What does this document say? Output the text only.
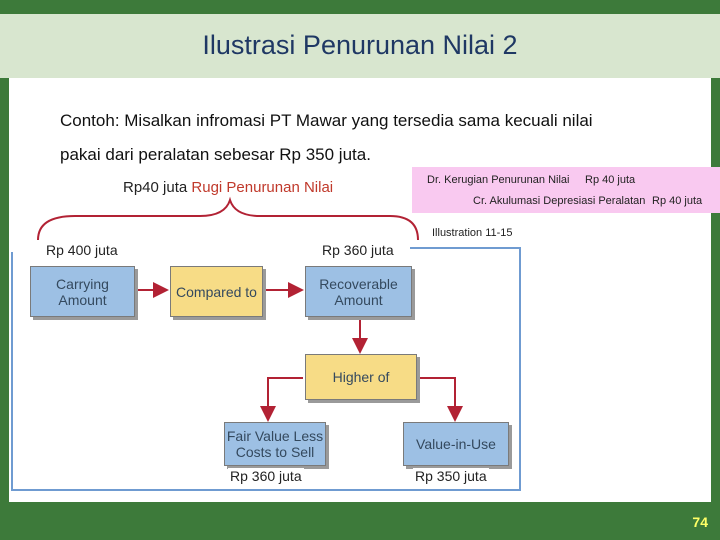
Ilustrasi Penurunan Nilai 2
74
Contoh: Misalkan infromasi PT Mawar yang tersedia sama kecuali nilai
pakai dari peralatan sebesar Rp 350 juta.
Rp40 juta Rugi Penurunan Nilai	Dr. Kerugian Penurunan Nilai Rp 40 juta
Cr. Akulumasi Depresiasi Peralatan Rp 40 juta
Illustration 11-15
Carrying Amount	Compared to	Recoverable Amount
Higher of
Fair Value Less Costs to Sell	Value-in-Use
Rp 400 juta	Rp 360 juta
Rp 360 juta	Rp 350 juta
